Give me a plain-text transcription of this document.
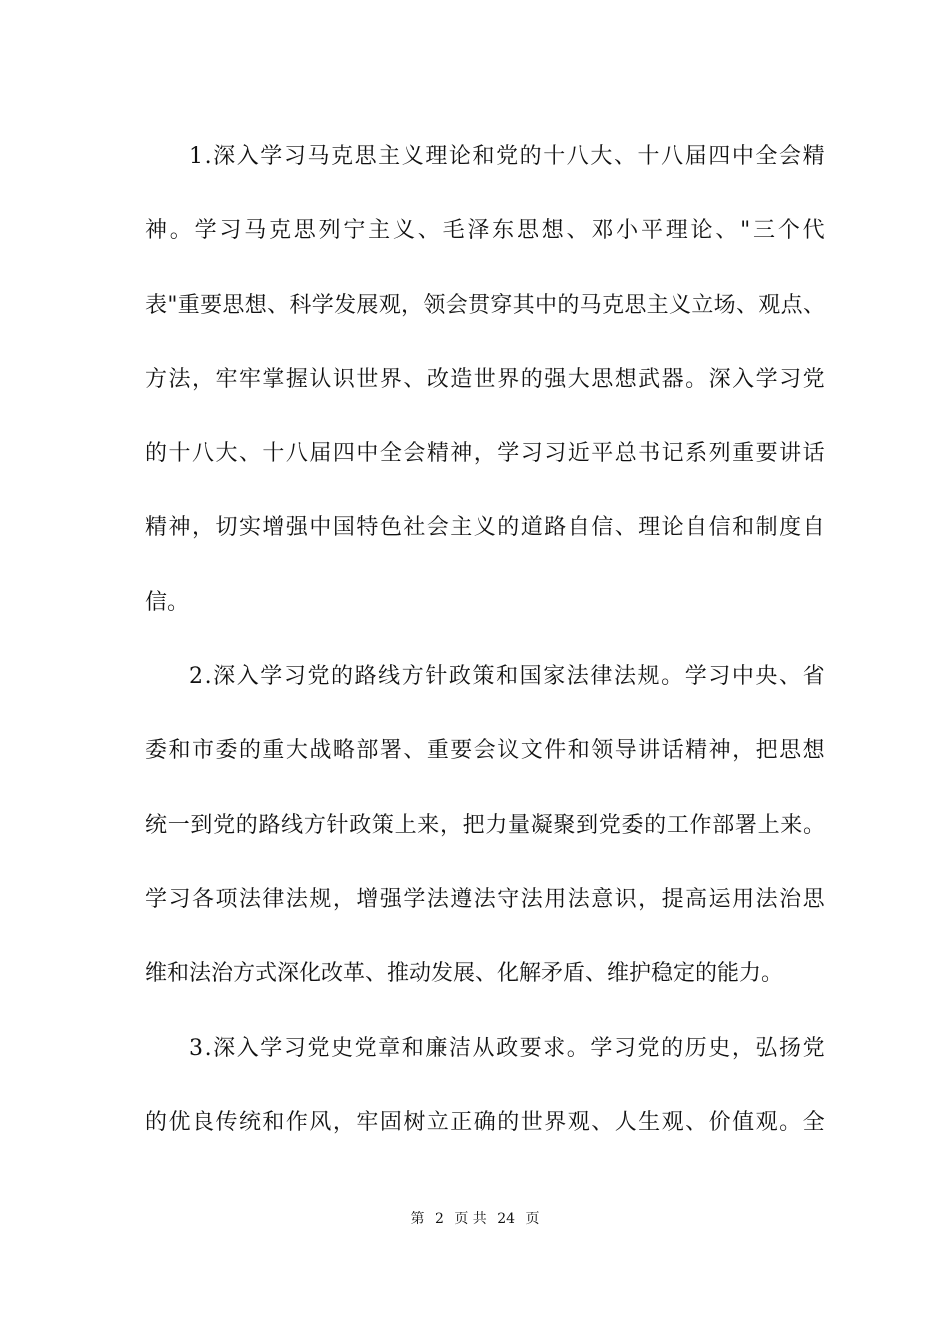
1 . 深 入 学 习 马 克 思 主 义 理 论 和 党 的 十 八 大 、 十 八 届 四 中 全 会 精
神 。 学 习 马 克 思 列 宁 主 义 、 毛 泽 东 思 想 、 邓 小 平 理 论 、 " 三 个 代
表 " 重 要 思 想 、 科 学 发 展 观 ， 领 会 贯 穿 其 中 的 马 克 思 主 义 立 场 、 观 点 、
方 法 ， 牢 牢 掌 握 认 识 世 界 、 改 造 世 界 的 强 大 思 想 武 器 。 深 入 学 习 党
的 十 八 大 、 十 八 届 四 中 全 会 精 神 ， 学 习 习 近 平 总 书 记 系 列 重 要 讲 话
精 神 ， 切 实 增 强 中 国 特 色 社 会 主 义 的 道 路 自 信 、 理 论 自 信 和 制 度 自
信。
2 . 深 入 学 习 党 的 路 线 方 针 政 策 和 国 家 法 律 法 规 。 学 习 中 央 、 省
委 和 市 委 的 重 大 战 略 部 署 、 重 要 会 议 文 件 和 领 导 讲 话 精 神 ， 把 思 想
统 一 到 党 的 路 线 方 针 政 策 上 来 ， 把 力 量 凝 聚 到 党 委 的 工 作 部 署 上 来 。
学 习 各 项 法 律 法 规 ， 增 强 学 法 遵 法 守 法 用 法 意 识 ， 提 高 运 用 法 治 思
维和法治方式深化改革、推动发展、化解矛盾、维护稳定的能力。
3 . 深 入 学 习 党 史 党 章 和 廉 洁 从 政 要 求 。 学 习 党 的 历 史 ， 弘 扬 党
的 优 良 传 统 和 作 风 ， 牢 固 树 立 正 确 的 世 界 观 、 人 生 观 、 价 值 观 。 全
第 2 页 共 24 页
